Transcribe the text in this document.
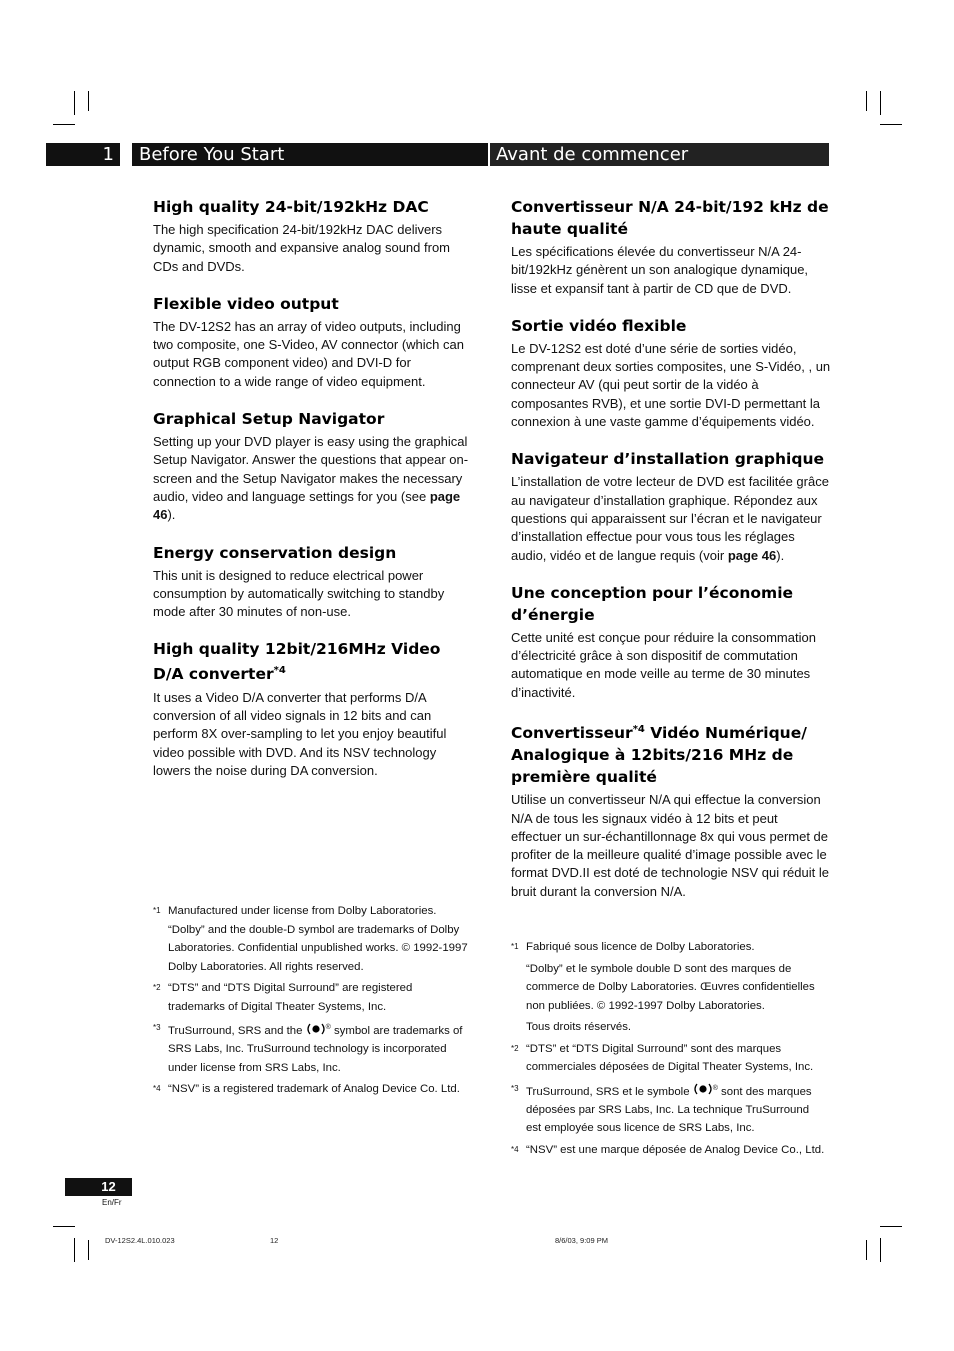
1	Before You Start	Avant de commencer
High quality 24-bit/192kHz DAC

The high specification 24-bit/192kHz DAC delivers dynamic, smooth and expansive analog sound from CDs and DVDs.

Flexible video output

The DV-12S2 has an array of video outputs, including two composite, one S-Video, AV connector (which can output RGB component video) and DVI-D for connection to a wide range of video equipment.

Graphical Setup Navigator

Setting up your DVD player is easy using the graphical Setup Navigator. Answer the questions that appear on-screen and the Setup Navigator makes the necessary audio, video and language settings for you (see page 46).

Energy conservation design

This unit is designed to reduce electrical power consumption by automatically switching to standby mode after 30 minutes of non-use.

High quality 12bit/216MHz Video D/A converter$^{*4}$

It uses a Video D/A converter that performs D/A conversion of all video signals in 12 bits and can perform 8X over-sampling to let you enjoy beautiful video possible with DVD. And its NSV technology lowers the noise during DA conversion.

*1 Manufactured under license from Dolby Laboratories. “Dolby” and the double-D symbol are trademarks of Dolby Laboratories. Confidential unpublished works. © 1992-1997 Dolby Laboratories. All rights reserved.
*2 “DTS” and “DTS Digital Surround” are registered trademarks of Digital Theater Systems, Inc.
*3 TruSurround, SRS and the	® symbol are trademarks of SRS Labs, Inc. TruSurround technology is incorporated under license from SRS Labs, Inc.
*4 “NSV” is a registered trademark of Analog Device Co. Ltd.
Convertisseur N/A 24-bit/192 kHz de haute qualité

Les spécifications élevée du convertisseur N/A 24-bit/192kHz génèrent un son analogique dynamique, lisse et expansif tant à partir de CD que de DVD.

Sortie vidéo flexible

Le DV-12S2 est doté d’une série de sorties vidéo, comprenant deux sorties composites, une S-Vidéo, , un connecteur AV (qui peut sortir de la vidéo à composantes RVB), et une sortie DVI-D permettant la connexion à une vaste gamme d’équipements vidéo.

Navigateur d’installation graphique

L’installation de votre lecteur de DVD est facilitée grâce au navigateur d’installation graphique. Répondez aux questions qui apparaissent sur l’écran et le navigateur d’installation effectue pour vous tous les réglages audio, vidéo et de langue requis (voir page 46).

Une conception pour l’économie d’énergie

Cette unité est conçue pour réduire la consommation d’électricité grâce à son dispositif de commutation automatique en mode veille au terme de 30 minutes d’inactivité.

Convertisseur$^{*4}$ Vidéo Numérique/ Analogique à 12bits/216 MHz de première qualité

Utilise un convertisseur N/A qui effectue la conversion N/A de tous les signaux vidéo à 12 bits et peut effectuer un sur-échantillonnage 8x qui vous permet de profiter de la meilleure qualité d’image possible avec le format DVD.II est doté de technologie NSV qui réduit le bruit durant la conversion N/A.

*1 Fabriqué sous licence de Dolby Laboratories.
“Dolby” et le symbole double D sont des marques de commerce de Dolby Laboratories. Œuvres confidentielles non publiées. © 1992-1997 Dolby Laboratories.
Tous droits réservés.
*2 “DTS” et “DTS Digital Surround” sont des marques commerciales déposées de Digital Theater Systems, Inc.
*3 TruSurround, SRS et le symbole	® sont des marques déposées par SRS Labs, Inc. La technique TruSurround est employée sous licence de SRS Labs, Inc.
*4 “NSV” est une marque déposée de Analog Device Co., Ltd.
12
En/Fr
DV-12S2.4L.010.023	12	8/6/03, 9:09 PM
